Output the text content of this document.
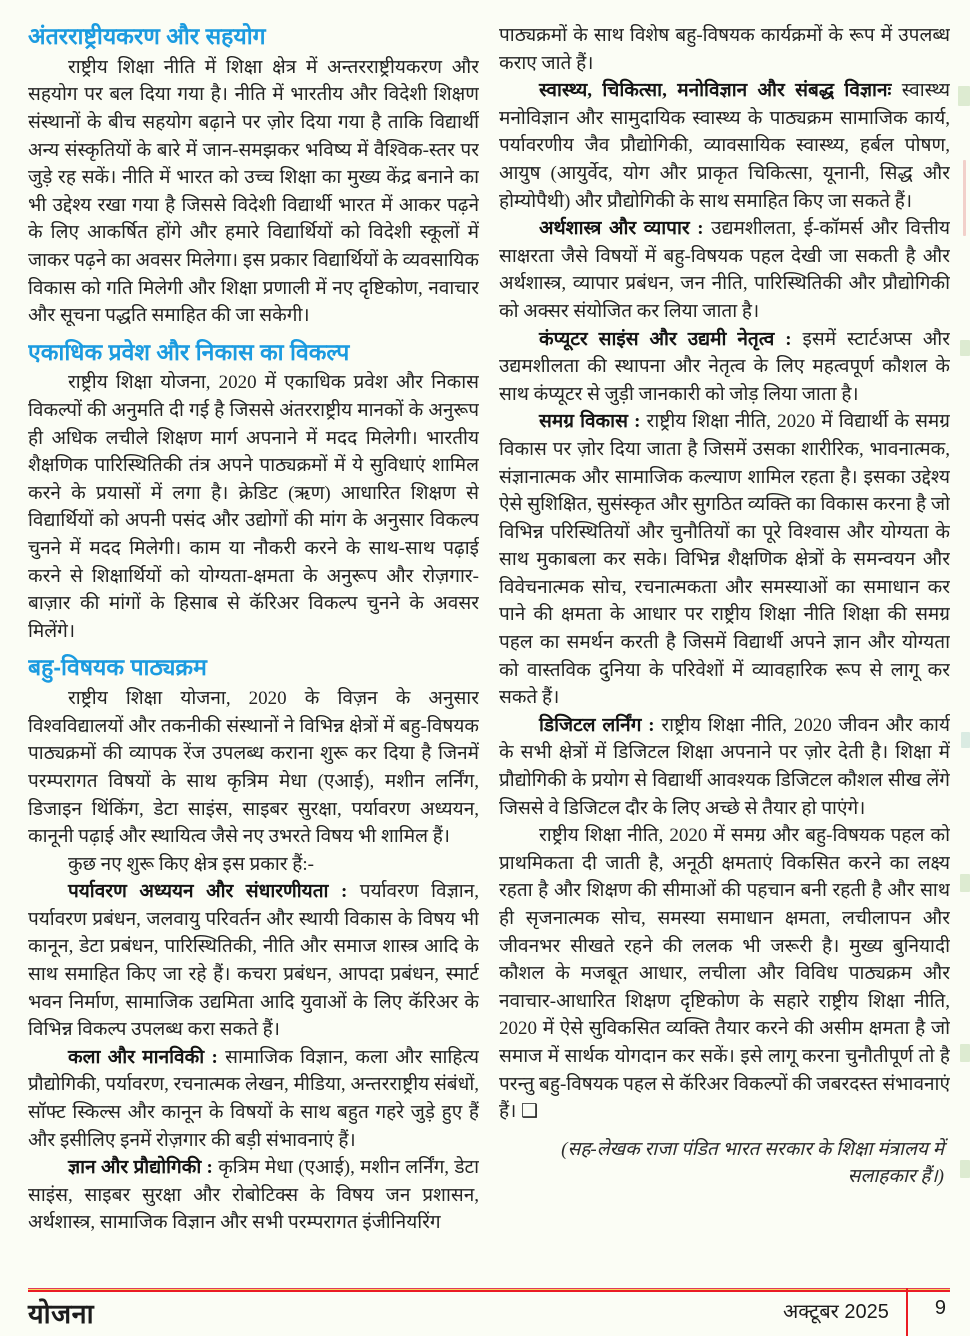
अंतरराष्ट्रीयकरण और सहयोग

राष्ट्रीय शिक्षा नीति में शिक्षा क्षेत्र में अन्तरराष्ट्रीयकरण और सहयोग पर बल दिया गया है। नीति में भारतीय और विदेशी शिक्षण संस्थानों के बीच सहयोग बढ़ाने पर ज़ोर दिया गया है ताकि विद्यार्थी अन्य संस्कृतियों के बारे में जान-समझकर भविष्य में वैश्विक-स्तर पर जुड़े रह सकें। नीति में भारत को उच्च शिक्षा का मुख्य केंद्र बनाने का भी उद्देश्य रखा गया है जिससे विदेशी विद्यार्थी भारत में आकर पढ़ने के लिए आकर्षित होंगे और हमारे विद्यार्थियों को विदेशी स्कूलों में जाकर पढ़ने का अवसर मिलेगा। इस प्रकार विद्यार्थियों के व्यवसायिक विकास को गति मिलेगी और शिक्षा प्रणाली में नए दृष्टिकोण, नवाचार और सूचना पद्धति समाहित की जा सकेगी।

एकाधिक प्रवेश और निकास का विकल्प

राष्ट्रीय शिक्षा योजना, 2020 में एकाधिक प्रवेश और निकास विकल्पों की अनुमति दी गई है जिससे अंतरराष्ट्रीय मानकों के अनुरूप ही अधिक लचीले शिक्षण मार्ग अपनाने में मदद मिलेगी। भारतीय शैक्षणिक पारिस्थितिकी तंत्र अपने पाठ्यक्रमों में ये सुविधाएं शामिल करने के प्रयासों में लगा है। क्रेडिट (ऋण) आधारित शिक्षण से विद्यार्थियों को अपनी पसंद और उद्योगों की मांग के अनुसार विकल्प चुनने में मदद मिलेगी। काम या नौकरी करने के साथ-साथ पढ़ाई करने से शिक्षार्थियों को योग्यता-क्षमता के अनुरूप और रोज़गार-बाज़ार की मांगों के हिसाब से कॅरिअर विकल्प चुनने के अवसर मिलेंगे।

बहु-विषयक पाठ्यक्रम

राष्ट्रीय शिक्षा योजना, 2020 के विज़न के अनुसार विश्वविद्यालयों और तकनीकी संस्थानों ने विभिन्न क्षेत्रों में बहु-विषयक पाठ्यक्रमों की व्यापक रेंज उपलब्ध कराना शुरू कर दिया है जिनमें परम्परागत विषयों के साथ कृत्रिम मेधा (एआई), मशीन लर्निंग, डिजाइन थिंकिंग, डेटा साइंस, साइबर सुरक्षा, पर्यावरण अध्ययन, कानूनी पढ़ाई और स्थायित्व जैसे नए उभरते विषय भी शामिल हैं।

कुछ नए शुरू किए क्षेत्र इस प्रकार हैं:-

पर्यावरण अध्ययन और संधारणीयता : पर्यावरण विज्ञान, पर्यावरण प्रबंधन, जलवायु परिवर्तन और स्थायी विकास के विषय भी कानून, डेटा प्रबंधन, पारिस्थितिकी, नीति और समाज शास्त्र आदि के साथ समाहित किए जा रहे हैं। कचरा प्रबंधन, आपदा प्रबंधन, स्मार्ट भवन निर्माण, सामाजिक उद्यमिता आदि युवाओं के लिए कॅरिअर के विभिन्न विकल्प उपलब्ध करा सकते हैं।

कला और मानविकी : सामाजिक विज्ञान, कला और साहित्य प्रौद्योगिकी, पर्यावरण, रचनात्मक लेखन, मीडिया, अन्तरराष्ट्रीय संबंधों, सॉफ्ट स्किल्स और कानून के विषयों के साथ बहुत गहरे जुड़े हुए हैं और इसीलिए इनमें रोज़गार की बड़ी संभावनाएं हैं।

ज्ञान और प्रौद्योगिकी : कृत्रिम मेधा (एआई), मशीन लर्निंग, डेटा साइंस, साइबर सुरक्षा और रोबोटिक्स के विषय जन प्रशासन, अर्थशास्त्र, सामाजिक विज्ञान और सभी परम्परागत इंजीनियरिंग

पाठ्यक्रमों के साथ विशेष बहु-विषयक कार्यक्रमों के रूप में उपलब्ध कराए जाते हैं।

स्वास्थ्य, चिकित्सा, मनोविज्ञान और संबद्ध विज्ञानः स्वास्थ्य मनोविज्ञान और सामुदायिक स्वास्थ्य के पाठ्यक्रम सामाजिक कार्य, पर्यावरणीय जैव प्रौद्योगिकी, व्यावसायिक स्वास्थ्य, हर्बल पोषण, आयुष (आयुर्वेद, योग और प्राकृत चिकित्सा, यूनानी, सिद्ध और होम्योपैथी) और प्रौद्योगिकी के साथ समाहित किए जा सकते हैं।

अर्थशास्त्र और व्यापार : उद्यमशीलता, ई-कॉमर्स और वित्तीय साक्षरता जैसे विषयों में बहु-विषयक पहल देखी जा सकती है और अर्थशास्त्र, व्यापार प्रबंधन, जन नीति, पारिस्थितिकी और प्रौद्योगिकी को अक्सर संयोजित कर लिया जाता है।

कंप्यूटर साइंस और उद्यमी नेतृत्व : इसमें स्टार्टअप्स और उद्यमशीलता की स्थापना और नेतृत्व के लिए महत्वपूर्ण कौशल के साथ कंप्यूटर से जुड़ी जानकारी को जोड़ लिया जाता है।

समग्र विकास : राष्ट्रीय शिक्षा नीति, 2020 में विद्यार्थी के समग्र विकास पर ज़ोर दिया जाता है जिसमें उसका शारीरिक, भावनात्मक, संज्ञानात्मक और सामाजिक कल्याण शामिल रहता है। इसका उद्देश्य ऐसे सुशिक्षित, सुसंस्कृत और सुगठित व्यक्ति का विकास करना है जो विभिन्न परिस्थितियों और चुनौतियों का पूरे विश्वास और योग्यता के साथ मुकाबला कर सके। विभिन्न शैक्षणिक क्षेत्रों के समन्वयन और विवेचनात्मक सोच, रचनात्मकता और समस्याओं का समाधान कर पाने की क्षमता के आधार पर राष्ट्रीय शिक्षा नीति शिक्षा की समग्र पहल का समर्थन करती है जिसमें विद्यार्थी अपने ज्ञान और योग्यता को वास्तविक दुनिया के परिवेशों में व्यावहारिक रूप से लागू कर सकते हैं।

डिजिटल लर्निंग : राष्ट्रीय शिक्षा नीति, 2020 जीवन और कार्य के सभी क्षेत्रों में डिजिटल शिक्षा अपनाने पर ज़ोर देती है। शिक्षा में प्रौद्योगिकी के प्रयोग से विद्यार्थी आवश्यक डिजिटल कौशल सीख लेंगे जिससे वे डिजिटल दौर के लिए अच्छे से तैयार हो पाएंगे।

राष्ट्रीय शिक्षा नीति, 2020 में समग्र और बहु-विषयक पहल को प्राथमिकता दी जाती है, अनूठी क्षमताएं विकसित करने का लक्ष्य रहता है और शिक्षण की सीमाओं की पहचान बनी रहती है और साथ ही सृजनात्मक सोच, समस्या समाधान क्षमता, लचीलापन और जीवनभर सीखते रहने की ललक भी जरूरी है। मुख्य बुनियादी कौशल के मजबूत आधार, लचीला और विविध पाठ्यक्रम और नवाचार-आधारित शिक्षण दृष्टिकोण के सहारे राष्ट्रीय शिक्षा नीति, 2020 में ऐसे सुविकसित व्यक्ति तैयार करने की असीम क्षमता है जो समाज में सार्थक योगदान कर सकें। इसे लागू करना चुनौतीपूर्ण तो है परन्तु बहु-विषयक पहल से कॅरिअर विकल्पों की जबरदस्त संभावनाएं हैं। ❑

(सह-लेखक राजा पंडित भारत सरकार के शिक्षा मंत्रालय में सलाहकार हैं।)

योजना	अक्टूबर 2025 9
